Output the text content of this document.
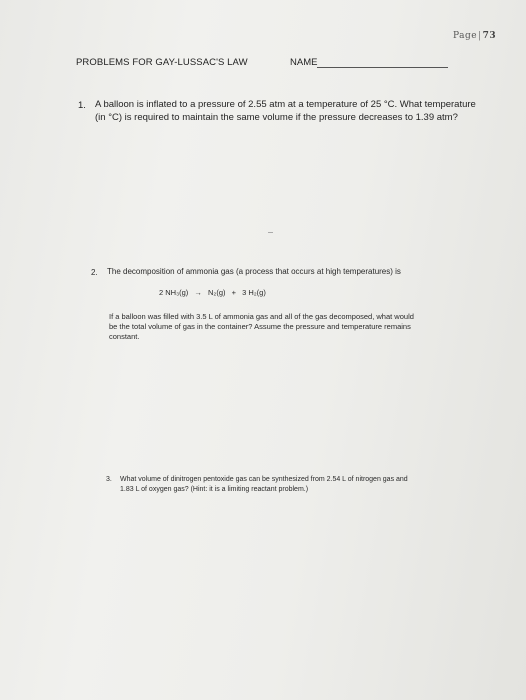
Page|73
PROBLEMS FOR GAY-LUSSAC'S LAW	NAME
1. A balloon is inflated to a pressure of 2.55 atm at a temperature of 25 °C. What temperature
(in °C) is required to maintain the same volume if the pressure decreases to 1.39 atm?
2. The decomposition of ammonia gas (a process that occurs at high temperatures) is
2 NH₃(g) → N₂(g) + 3 H₂(g)
If a balloon was filled with 3.5 L of ammonia gas and all of the gas decomposed, what would
be the total volume of gas in the container? Assume the pressure and temperature remains
constant.
3. What volume of dinitrogen pentoxide gas can be synthesized from 2.54 L of nitrogen gas and
1.83 L of oxygen gas? (Hint: it is a limiting reactant problem.)
